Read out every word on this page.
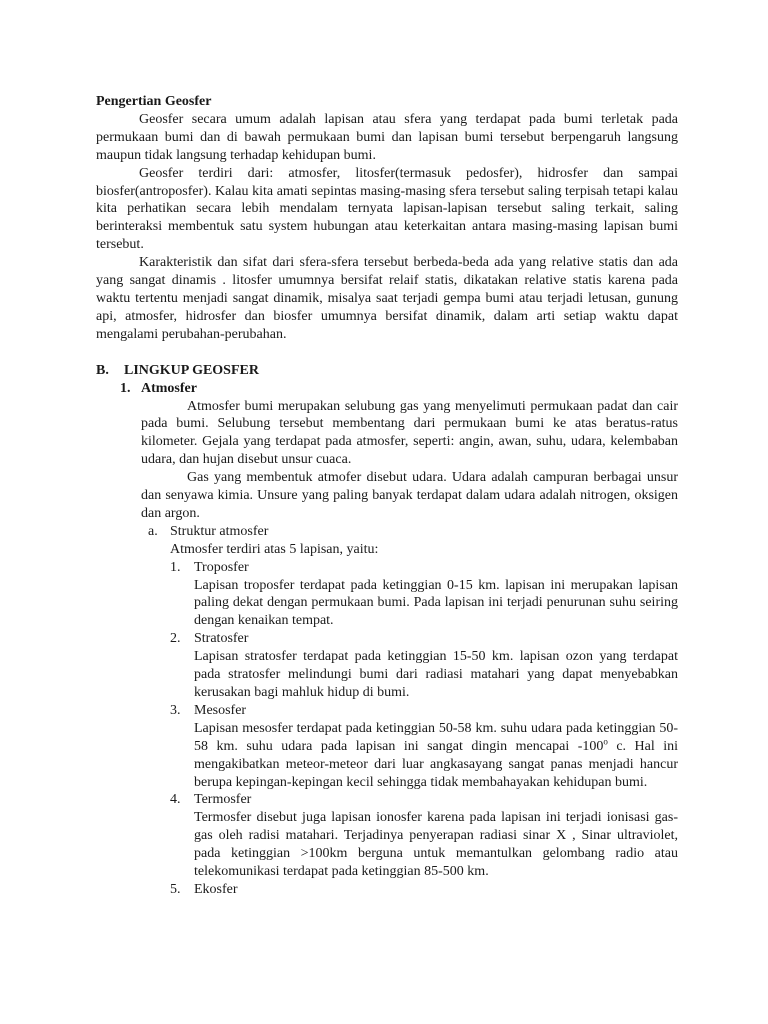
Pengertian Geosfer

Geosfer secara umum adalah lapisan atau sfera yang terdapat pada bumi terletak pada permukaan bumi dan di bawah permukaan bumi dan lapisan bumi tersebut berpengaruh langsung maupun tidak langsung terhadap kehidupan bumi.

Geosfer terdiri dari: atmosfer, litosfer(termasuk pedosfer), hidrosfer dan sampai biosfer(antroposfer). Kalau kita amati sepintas masing-masing sfera tersebut saling terpisah tetapi kalau kita perhatikan secara lebih mendalam ternyata lapisan-lapisan tersebut saling terkait, saling berinteraksi membentuk satu system hubungan atau keterkaitan antara masing-masing lapisan bumi tersebut.

Karakteristik dan sifat dari sfera-sfera tersebut berbeda-beda ada yang relative statis dan ada yang sangat dinamis . litosfer umumnya bersifat relaif statis, dikatakan relative statis karena pada waktu tertentu menjadi sangat dinamik, misalya saat terjadi gempa bumi atau terjadi letusan, gunung api, atmosfer, hidrosfer dan biosfer umumnya bersifat dinamik, dalam arti setiap waktu dapat mengalami perubahan-perubahan.

B.	LINGKUP GEOSFER
1. Atmosfer

Atmosfer bumi merupakan selubung gas yang menyelimuti permukaan padat dan cair pada bumi. Selubung tersebut membentang dari permukaan bumi ke atas beratus-ratus kilometer. Gejala yang terdapat pada atmosfer, seperti: angin, awan, suhu, udara, kelembaban udara, dan hujan disebut unsur cuaca.

Gas yang membentuk atmofer disebut udara. Udara adalah campuran berbagai unsur dan senyawa kimia. Unsure yang paling banyak terdapat dalam udara adalah nitrogen, oksigen dan argon.

a. Struktur atmosfer

Atmosfer terdiri atas 5 lapisan, yaitu:

1. Troposfer

Lapisan troposfer terdapat pada ketinggian 0-15 km. lapisan ini merupakan lapisan paling dekat dengan permukaan bumi. Pada lapisan ini terjadi penurunan suhu seiring dengan kenaikan tempat.

2. Stratosfer

Lapisan stratosfer terdapat pada ketinggian 15-50 km. lapisan ozon yang terdapat pada stratosfer melindungi bumi dari radiasi matahari yang dapat menyebabkan kerusakan bagi mahluk hidup di bumi.

3. Mesosfer

Lapisan mesosfer terdapat pada ketinggian 50-58 km. suhu udara pada ketinggian 50-58 km. suhu udara pada lapisan ini sangat dingin mencapai -100$^o$ c. Hal ini mengakibatkan meteor-meteor dari luar angkasayang sangat panas menjadi hancur berupa kepingan-kepingan kecil sehingga tidak membahayakan kehidupan bumi.

4. Termosfer

Termosfer disebut juga lapisan ionosfer karena pada lapisan ini terjadi ionisasi gas-gas oleh radisi matahari. Terjadinya penyerapan radiasi sinar X , Sinar ultraviolet, pada ketinggian >100km berguna untuk memantulkan gelombang radio atau telekomunikasi terdapat pada ketinggian 85-500 km.

5. Ekosfer
